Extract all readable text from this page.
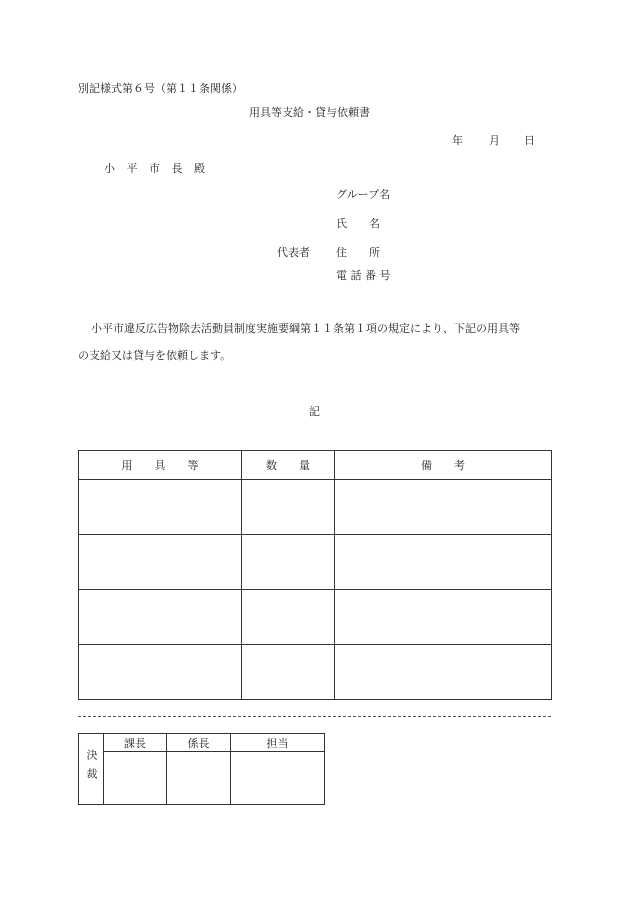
別記様式第６号（第１１条関係）
用具等支給・貸与依頼書
年 月 日
小 平 市 長 殿
グループ名
氏　　名
代表者 住　　所
電 話 番 号
小平市違反広告物除去活動員制度実施要綱第１１条第１項の規定により、下記の用具等
の支給又は貸与を依頼します。
記
用　　具　　等	数　　量	備　　考

決裁	課長	係長	担当
